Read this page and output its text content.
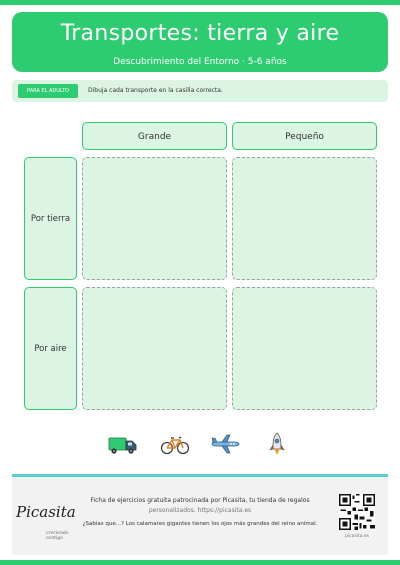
Transportes: tierra y aire
Descubrimiento del Entorno · 5-6 años
PARA EL ADULTO	Dibuja cada transporte en la casilla correcta.
Grande	Pequeño
Por tierra
Por aire
Picasita
creciendo contigo
Ficha de ejercicios gratuita patrocinada por Picasita, tu tienda de regalos
personalizados. https://picasita.es
¿Sabías que...? Los calamares gigantes tienen los ojos más grandes del reino animal.
picasita.es
